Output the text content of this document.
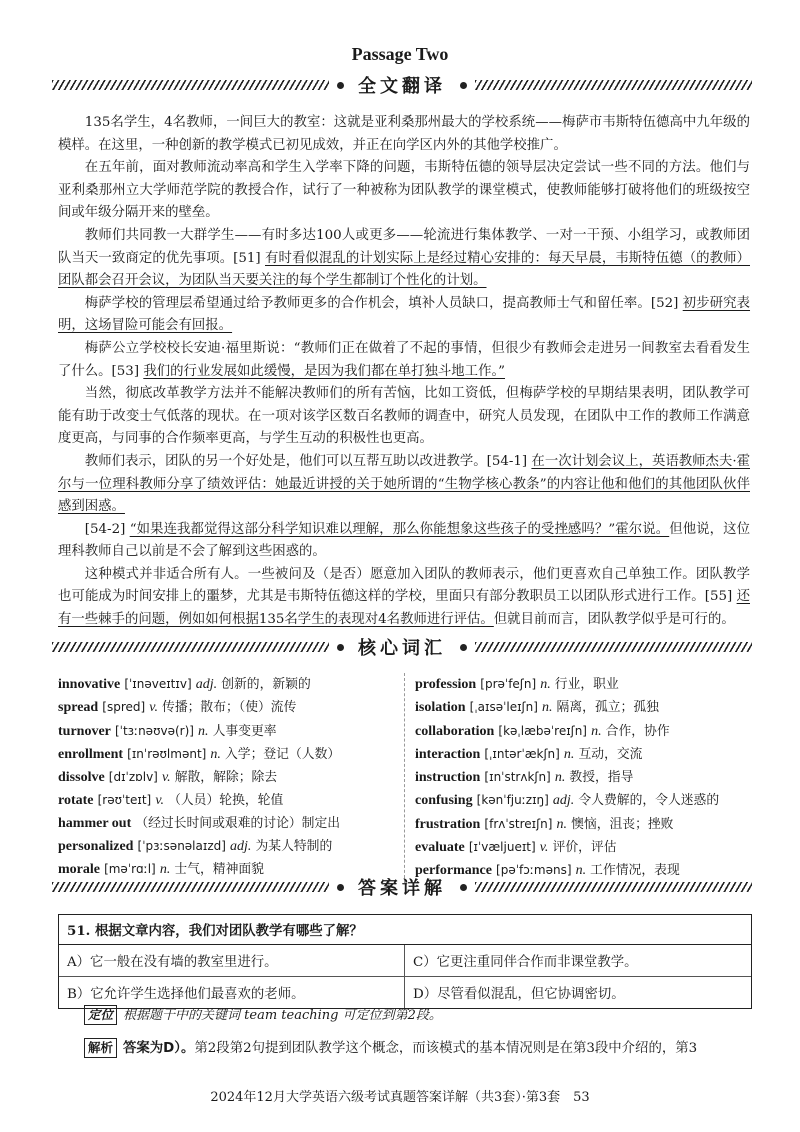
Passage Two
全文翻译

135名学生，4名教师，一间巨大的教室：这就是亚利桑那州最大的学校系统——梅萨市韦斯特伍德高中九年级的模样。在这里，一种创新的教学模式已初见成效，并正在向学区内外的其他学校推广。

在五年前，面对教师流动率高和学生入学率下降的问题，韦斯特伍德的领导层决定尝试一些不同的方法。他们与亚利桑那州立大学师范学院的教授合作，试行了一种被称为团队教学的课堂模式，使教师能够打破将他们的班级按空间或年级分隔开来的壁垒。

教师们共同教一大群学生——有时多达100人或更多——轮流进行集体教学、一对一干预、小组学习，或教师团队当天一致商定的优先事项。[51] 有时看似混乱的计划实际上是经过精心安排的：每天早晨，韦斯特伍德（的教师）团队都会召开会议，为团队当天要关注的每个学生都制订个性化的计划。

梅萨学校的管理层希望通过给予教师更多的合作机会，填补人员缺口，提高教师士气和留任率。[52] 初步研究表明，这场冒险可能会有回报。

梅萨公立学校校长安迪·福里斯说：“教师们正在做着了不起的事情，但很少有教师会走进另一间教室去看看发生了什么。[53] 我们的行业发展如此缓慢，是因为我们都在单打独斗地工作。”

当然，彻底改革教学方法并不能解决教师们的所有苦恼，比如工资低，但梅萨学校的早期结果表明，团队教学可能有助于改变士气低落的现状。在一项对该学区数百名教师的调查中，研究人员发现，在团队中工作的教师工作满意度更高，与同事的合作频率更高，与学生互动的积极性也更高。

教师们表示，团队的另一个好处是，他们可以互帮互助以改进教学。[54-1] 在一次计划会议上，英语教师杰夫·霍尔与一位理科教师分享了绩效评估：她最近讲授的关于她所谓的“生物学核心教条”的内容让他和他们的其他团队伙伴感到困惑。

[54-2] “如果连我都觉得这部分科学知识难以理解，那么你能想象这些孩子的受挫感吗？”霍尔说。但他说，这位理科教师自己以前是不会了解到这些困惑的。

这种模式并非适合所有人。一些被问及（是否）愿意加入团队的教师表示，他们更喜欢自己单独工作。团队教学也可能成为时间安排上的噩梦，尤其是韦斯特伍德这样的学校，里面只有部分教职员工以团队形式进行工作。[55] 还有一些棘手的问题，例如如何根据135名学生的表现对4名教师进行评估。但就目前而言，团队教学似乎是可行的。

核心词汇
innovative [ˈɪnəveɪtɪv] adj. 创新的，新颖的
spread [spred] v. 传播；散布；（使）流传
turnover [ˈtɜːnəʊvə(r)] n. 人事变更率
enrollment [ɪnˈrəʊlmənt] n. 入学；登记（人数）
dissolve [dɪˈzɒlv] v. 解散，解除；除去
rotate [rəʊˈteɪt] v. （人员）轮换，轮值
hammer out （经过长时间或艰难的讨论）制定出
personalized [ˈpɜːsənəlaɪzd] adj. 为某人特制的
morale [məˈrɑːl] n. 士气，精神面貌
profession [prəˈfeʃn] n. 行业，职业
isolation [ˌaɪsəˈleɪʃn] n. 隔离，孤立；孤独
collaboration [kəˌlæbəˈreɪʃn] n. 合作，协作
interaction [ˌɪntərˈækʃn] n. 互动，交流
instruction [ɪnˈstrʌkʃn] n. 教授，指导
confusing [kənˈfjuːzɪŋ] adj. 令人费解的，令人迷惑的
frustration [frʌˈstreɪʃn] n. 懊恼，沮丧；挫败
evaluate [ɪˈvæljueɪt] v. 评价，评估
performance [pəˈfɔːməns] n. 工作情况，表现
答案详解
51. 根据文章内容，我们对团队教学有哪些了解？
A）它一般在没有墙的教室里进行。	C）它更注重同伴合作而非课堂教学。
B）它允许学生选择他们最喜欢的老师。	D）尽管看似混乱，但它协调密切。
定位 根据题干中的关键词 team teaching 可定位到第2段。
解析 答案为D）。第2段第2句提到团队教学这个概念，而该模式的基本情况则是在第3段中介绍的，第3
2024年12月大学英语六级考试真题答案详解（共3套）·第3套　53
